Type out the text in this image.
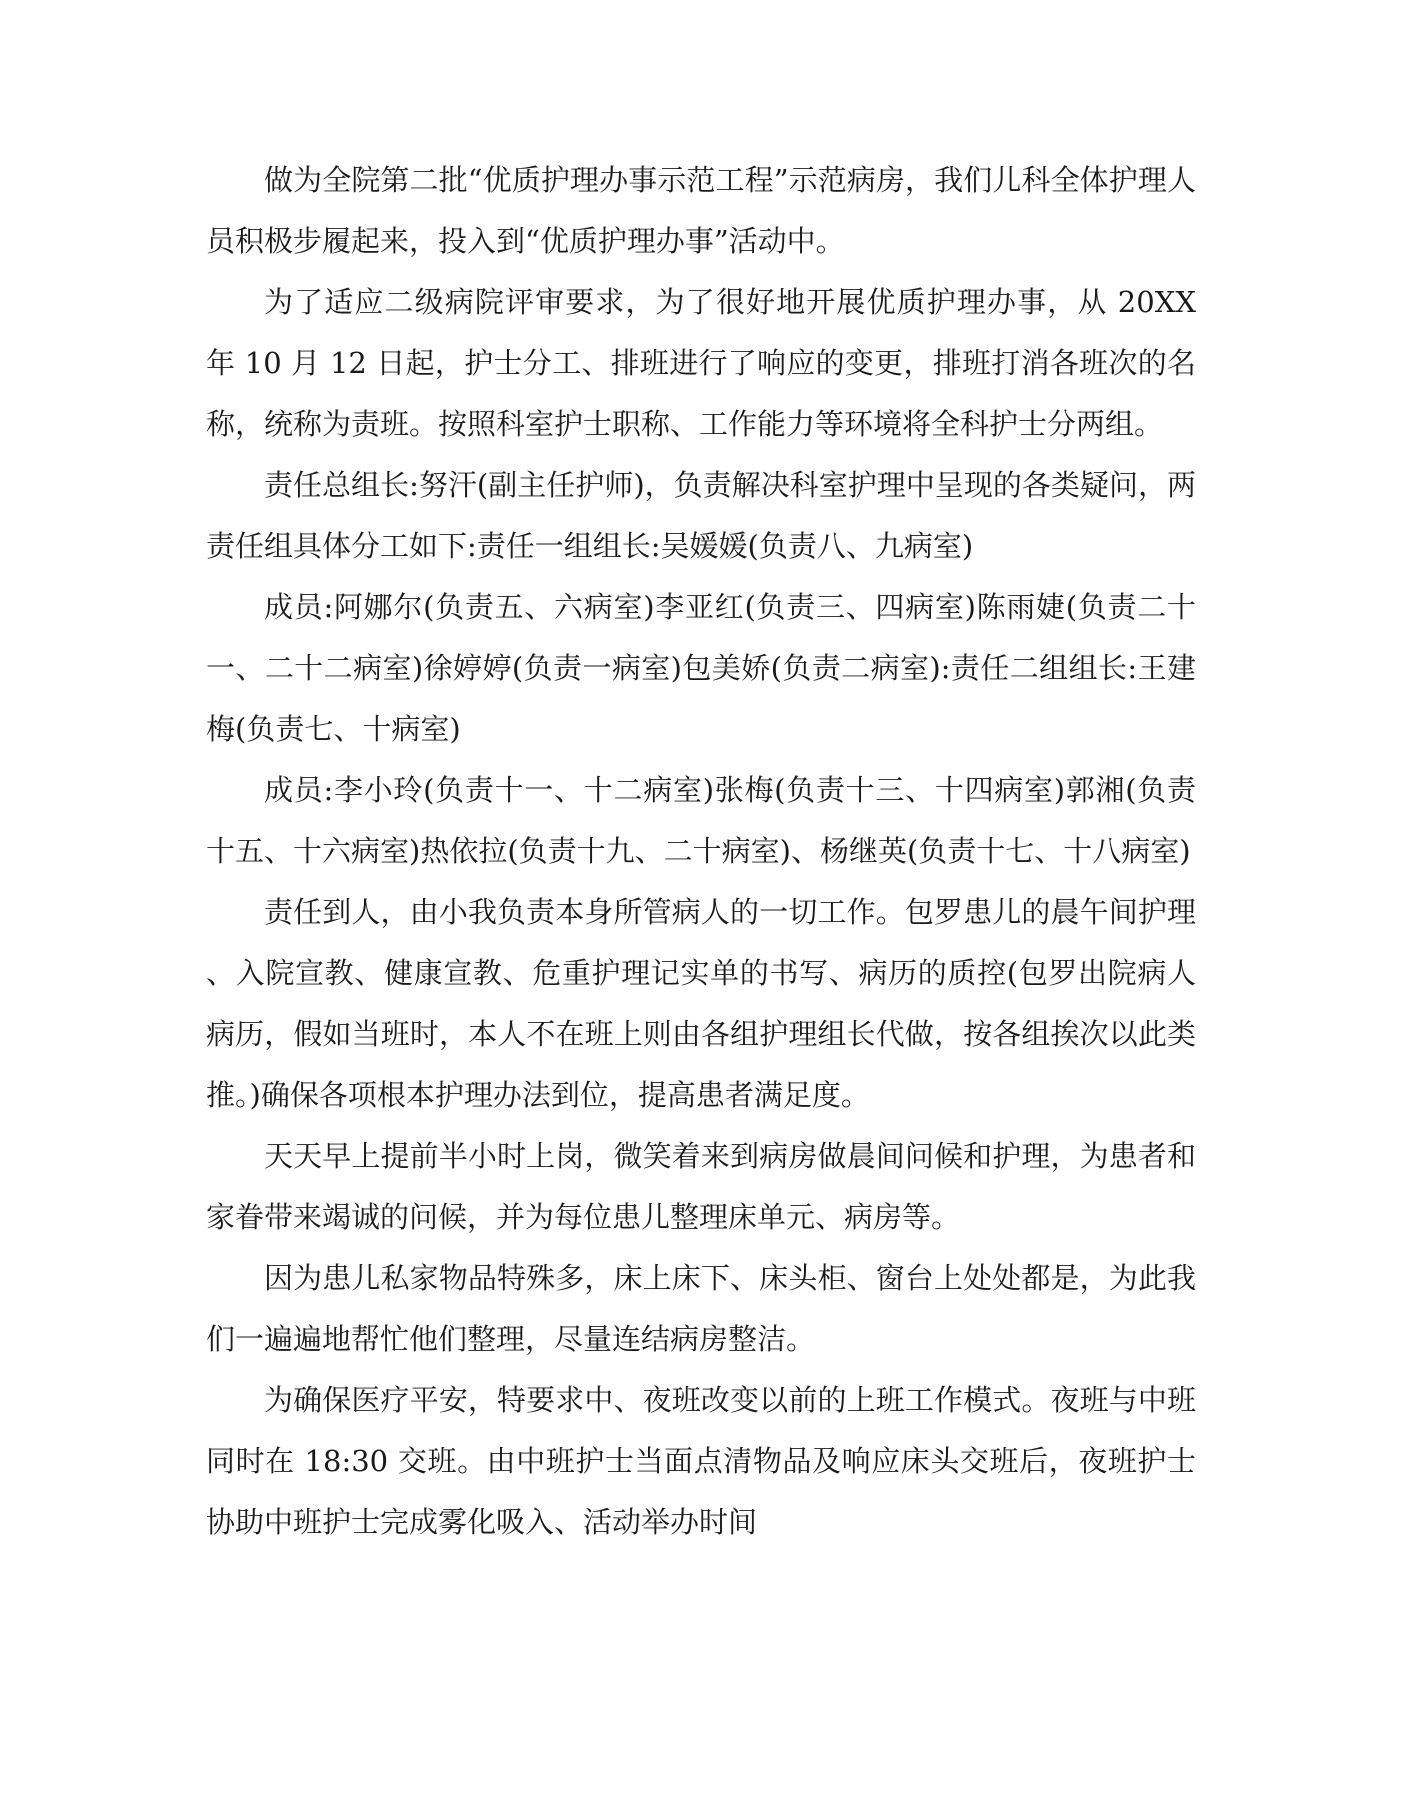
做为全院第二批“优质护理办事示范工程”示范病房，我们儿科全体护理人员积极步履起来，投入到“优质护理办事”活动中。

为了适应二级病院评审要求，为了很好地开展优质护理办事，从 20XX 年 10 月 12 日起，护士分工、排班进行了响应的变更，排班打消各班次的名称，统称为责班。按照科室护士职称、工作能力等环境将全科护士分两组。

责任总组长:努汗(副主任护师)，负责解决科室护理中呈现的各类疑问，两责任组具体分工如下:责任一组组长:吴媛媛(负责八、九病室)

成员:阿娜尔(负责五、六病室)李亚红(负责三、四病室)陈雨婕(负责二十一、二十二病室)徐婷婷(负责一病室)包美娇(负责二病室):责任二组组长:王建梅(负责七、十病室)

成员:李小玲(负责十一、十二病室)张梅(负责十三、十四病室)郭湘(负责十五、十六病室)热依拉(负责十九、二十病室)、杨继英(负责十七、十八病室)

责任到人，由小我负责本身所管病人的一切工作。包罗患儿的晨午间护理、入院宣教、健康宣教、危重护理记实单的书写、病历的质控(包罗出院病人病历，假如当班时，本人不在班上则由各组护理组长代做，按各组挨次以此类推。)确保各项根本护理办法到位，提高患者满足度。

天天早上提前半小时上岗，微笑着来到病房做晨间问候和护理，为患者和家眷带来竭诚的问候，并为每位患儿整理床单元、病房等。

因为患儿私家物品特殊多，床上床下、床头柜、窗台上处处都是，为此我们一遍遍地帮忙他们整理，尽量连结病房整洁。

为确保医疗平安，特要求中、夜班改变以前的上班工作模式。夜班与中班同时在 18:30 交班。由中班护士当面点清物品及响应床头交班后，夜班护士协助中班护士完成雾化吸入、活动举办时间
